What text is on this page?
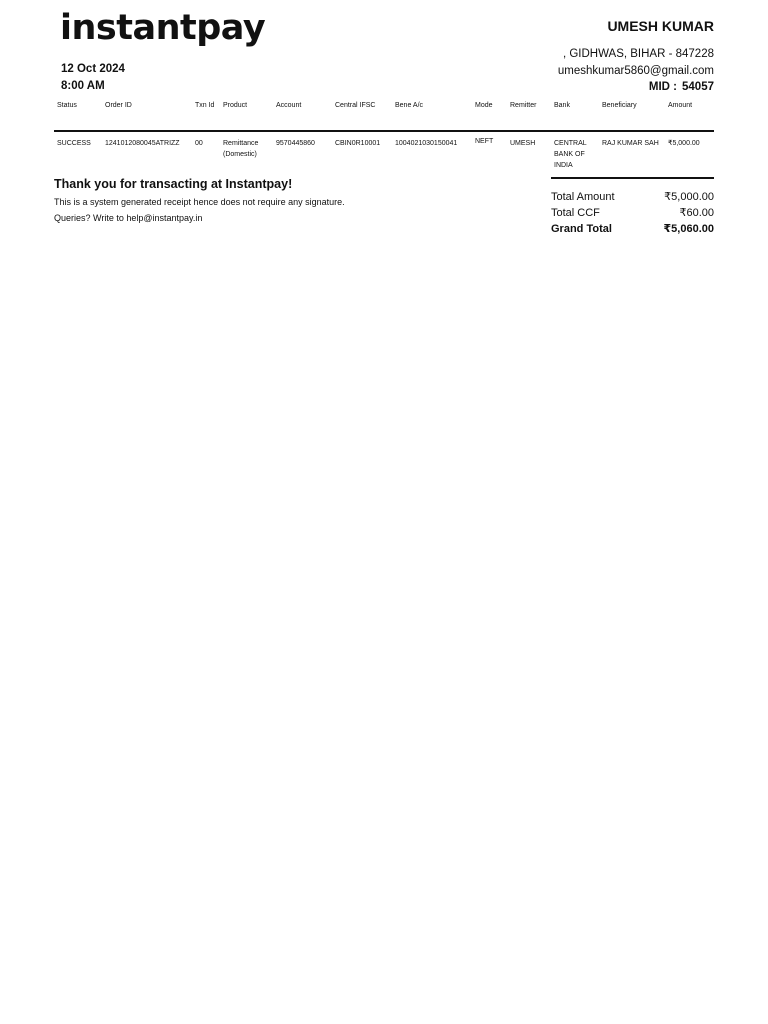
instantpay
12 Oct 2024
8:00 AM
UMESH KUMAR
, GIDHWAS, BIHAR - 847228
umeshkumar5860@gmail.com
MID : 54057
Status	Order ID	Txn Id	Product	Account	Central IFSC	Bene A/c	Mode	Remitter	Bank	Beneficiary	Amount
SUCCESS	1241012080045ATRIZZ	00	Remittance (Domestic)	9570445860	CBIN0R10001	1004021030150041	NEFT	UMESH	CENTRAL BANK OF INDIA	RAJ KUMAR SAH	₹5,000.00
Thank you for transacting at Instantpay!
This is a system generated receipt hence does not require any signature.
Queries? Write to help@instantpay.in
Total Amount	₹5,000.00
Total CCF	₹60.00
Grand Total	₹5,060.00
